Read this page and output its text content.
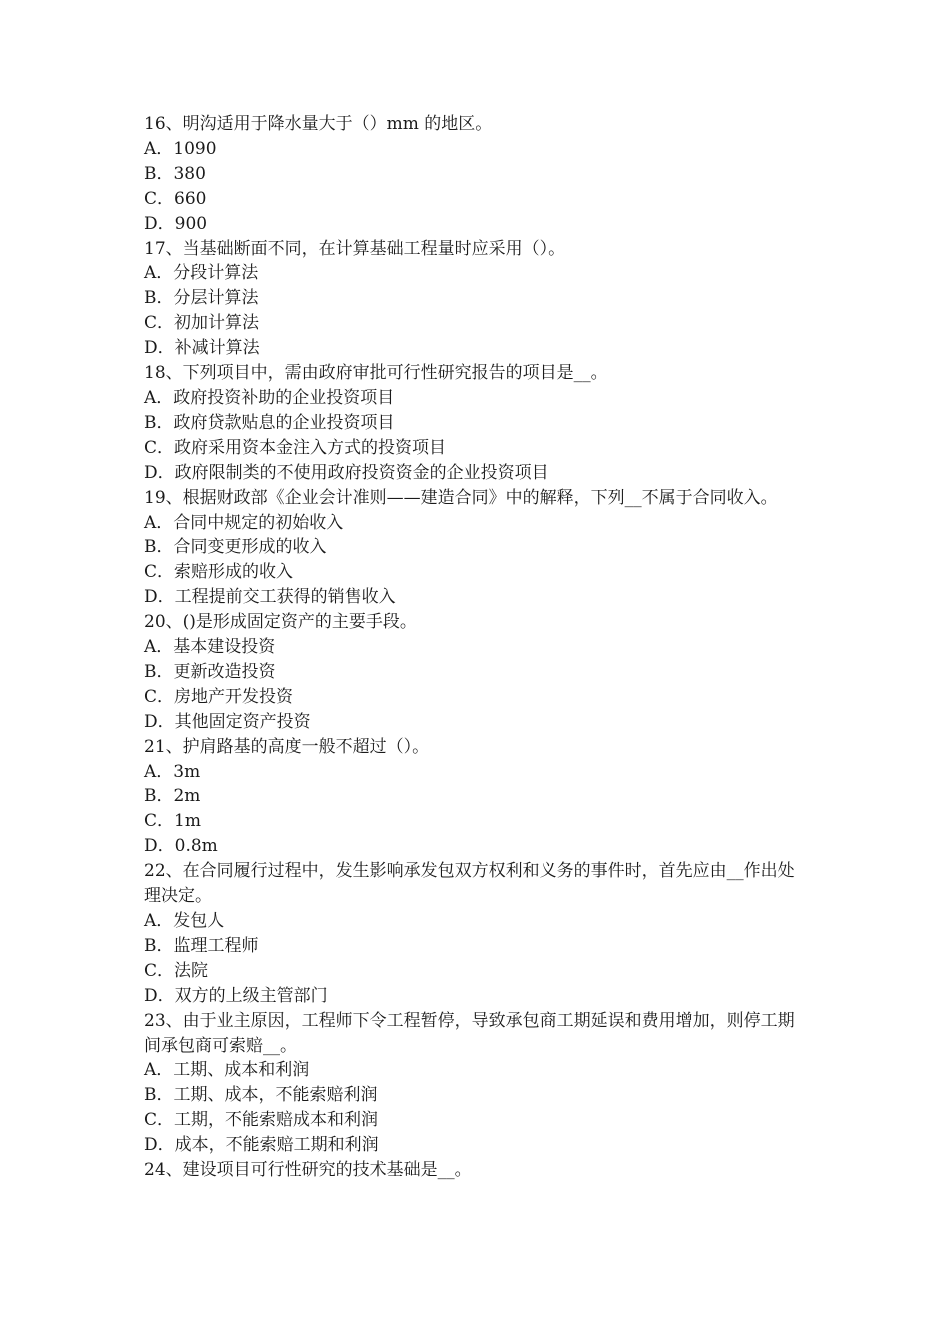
16、明沟适用于降水量大于（）mm 的地区。

A．1090

B．380

C．660

D．900

17、当基础断面不同，在计算基础工程量时应采用（）。

A．分段计算法

B．分层计算法

C．初加计算法

D．补减计算法

18、下列项目中，需由政府审批可行性研究报告的项目是__。

A．政府投资补助的企业投资项目

B．政府贷款贴息的企业投资项目

C．政府采用资本金注入方式的投资项目

D．政府限制类的不使用政府投资资金的企业投资项目

19、根据财政部《企业会计准则——建造合同》中的解释，下列__不属于合同收入。

A．合同中规定的初始收入

B．合同变更形成的收入

C．索赔形成的收入

D．工程提前交工获得的销售收入

20、()是形成固定资产的主要手段。

A．基本建设投资

B．更新改造投资

C．房地产开发投资

D．其他固定资产投资

21、护肩路基的高度一般不超过（）。

A．3m

B．2m

C．1m

D．0.8m

22、在合同履行过程中，发生影响承发包双方权利和义务的事件时，首先应由__作出处理决定。

A．发包人

B．监理工程师

C．法院

D．双方的上级主管部门

23、由于业主原因，工程师下令工程暂停，导致承包商工期延误和费用增加，则停工期间承包商可索赔__。

A．工期、成本和利润

B．工期、成本，不能索赔利润

C．工期，不能索赔成本和利润

D．成本，不能索赔工期和利润

24、建设项目可行性研究的技术基础是__。
